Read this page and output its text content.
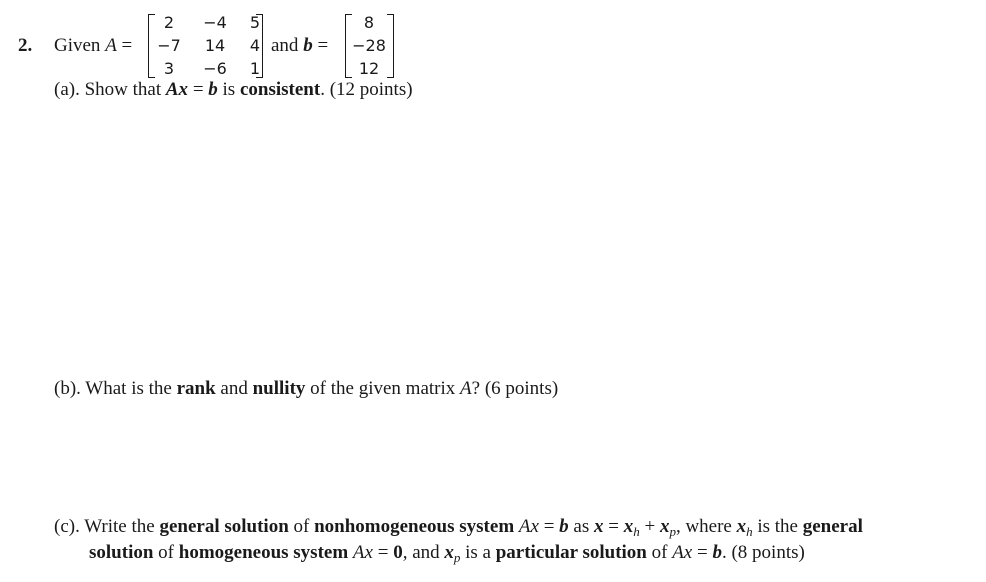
2. Given A =
2	−4	5
−7	14	4
3	−6	1
and b =
8
−28
12
(a). Show that Ax = b is consistent. (12 points)
(b). What is the rank and nullity of the given matrix A? (6 points)
(c). Write the general solution of nonhomogeneous system Ax = b as $x = x_h + x_p$, where $x_h$ is the general
solution of homogeneous system Ax = 0, and $x_p$ is a particular solution of Ax = b. (8 points)
